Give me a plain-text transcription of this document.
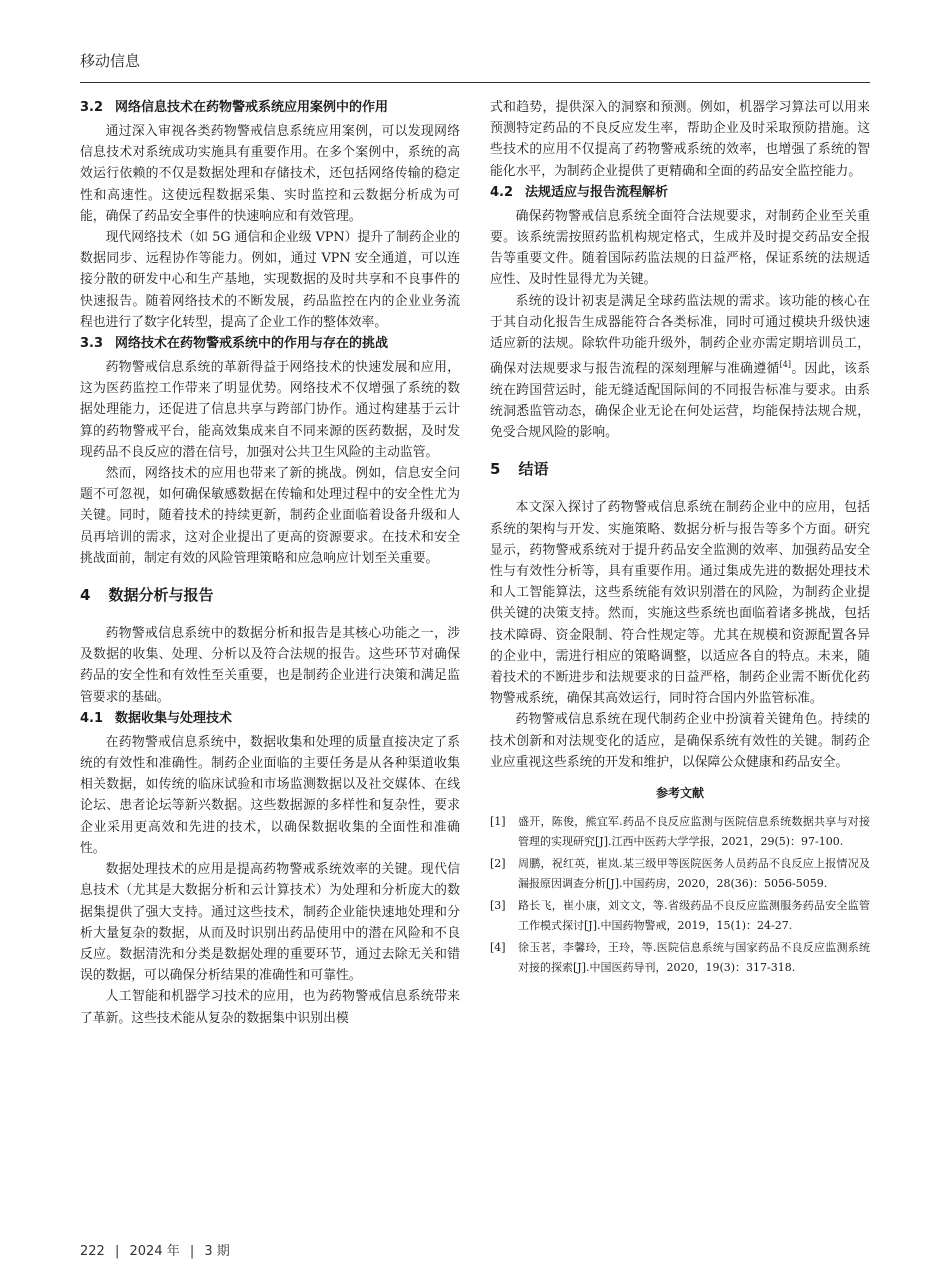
移动信息
3.2 网络信息技术在药物警戒系统应用案例中的作用

通过深入审视各类药物警戒信息系统应用案例，可以发现网络信息技术对系统成功实施具有重要作用。在多个案例中，系统的高效运行依赖的不仅是数据处理和存储技术，还包括网络传输的稳定性和高速性。这使远程数据采集、实时监控和云数据分析成为可能，确保了药品安全事件的快速响应和有效管理。

现代网络技术（如 5G 通信和企业级 VPN）提升了制药企业的数据同步、远程协作等能力。例如，通过 VPN 安全通道，可以连接分散的研发中心和生产基地，实现数据的及时共享和不良事件的快速报告。随着网络技术的不断发展，药品监控在内的企业业务流程也进行了数字化转型，提高了企业工作的整体效率。

3.3 网络技术在药物警戒系统中的作用与存在的挑战

药物警戒信息系统的革新得益于网络技术的快速发展和应用，这为医药监控工作带来了明显优势。网络技术不仅增强了系统的数据处理能力，还促进了信息共享与跨部门协作。通过构建基于云计算的药物警戒平台，能高效集成来自不同来源的医药数据，及时发现药品不良反应的潜在信号，加强对公共卫生风险的主动监管。

然而，网络技术的应用也带来了新的挑战。例如，信息安全问题不可忽视，如何确保敏感数据在传输和处理过程中的安全性尤为关键。同时，随着技术的持续更新，制药企业面临着设备升级和人员再培训的需求，这对企业提出了更高的资源要求。在技术和安全挑战面前，制定有效的风险管理策略和应急响应计划至关重要。

4 数据分析与报告

药物警戒信息系统中的数据分析和报告是其核心功能之一，涉及数据的收集、处理、分析以及符合法规的报告。这些环节对确保药品的安全性和有效性至关重要，也是制药企业进行决策和满足监管要求的基础。

4.1 数据收集与处理技术

在药物警戒信息系统中，数据收集和处理的质量直接决定了系统的有效性和准确性。制药企业面临的主要任务是从各种渠道收集相关数据，如传统的临床试验和市场监测数据以及社交媒体、在线论坛、患者论坛等新兴数据。这些数据源的多样性和复杂性，要求企业采用更高效和先进的技术，以确保数据收集的全面性和准确性。

数据处理技术的应用是提高药物警戒系统效率的关键。现代信息技术（尤其是大数据分析和云计算技术）为处理和分析庞大的数据集提供了强大支持。通过这些技术，制药企业能快速地处理和分析大量复杂的数据，从而及时识别出药品使用中的潜在风险和不良反应。数据清洗和分类是数据处理的重要环节，通过去除无关和错误的数据，可以确保分析结果的准确性和可靠性。

人工智能和机器学习技术的应用，也为药物警戒信息系统带来了革新。这些技术能从复杂的数据集中识别出模

式和趋势，提供深入的洞察和预测。例如，机器学习算法可以用来预测特定药品的不良反应发生率，帮助企业及时采取预防措施。这些技术的应用不仅提高了药物警戒系统的效率，也增强了系统的智能化水平，为制药企业提供了更精确和全面的药品安全监控能力。

4.2 法规适应与报告流程解析

确保药物警戒信息系统全面符合法规要求，对制药企业至关重要。该系统需按照药监机构规定格式，生成并及时提交药品安全报告等重要文件。随着国际药监法规的日益严格，保证系统的法规适应性、及时性显得尤为关键。

系统的设计初衷是满足全球药监法规的需求。该功能的核心在于其自动化报告生成器能符合各类标准，同时可通过模块升级快速适应新的法规。除软件功能升级外，制药企业亦需定期培训员工，确保对法规要求与报告流程的深刻理解与准确遵循[4]。因此，该系统在跨国营运时，能无缝适配国际间的不同报告标准与要求。由系统洞悉监管动态，确保企业无论在何处运营，均能保持法规合规，免受合规风险的影响。

5 结语

本文深入探讨了药物警戒信息系统在制药企业中的应用，包括系统的架构与开发、实施策略、数据分析与报告等多个方面。研究显示，药物警戒系统对于提升药品安全监测的效率、加强药品安全性与有效性分析等，具有重要作用。通过集成先进的数据处理技术和人工智能算法，这些系统能有效识别潜在的风险，为制药企业提供关键的决策支持。然而，实施这些系统也面临着诸多挑战，包括技术障碍、资金限制、符合性规定等。尤其在规模和资源配置各异的企业中，需进行相应的策略调整，以适应各自的特点。未来，随着技术的不断进步和法规要求的日益严格，制药企业需不断优化药物警戒系统，确保其高效运行，同时符合国内外监管标准。

药物警戒信息系统在现代制药企业中扮演着关键角色。持续的技术创新和对法规变化的适应，是确保系统有效性的关键。制药企业应重视这些系统的开发和维护，以保障公众健康和药品安全。

参考文献
[1]	盛开，陈俊，熊宜军.药品不良反应监测与医院信息系统数据共享与对接管理的实现研究[J].江西中医药大学学报，2021，29(5)：97-100.
[2]	周鹏，祝红英，崔岚.某三级甲等医院医务人员药品不良反应上报情况及漏报原因调查分析[J].中国药房，2020，28(36)：5056-5059.
[3]	路长飞，崔小康，刘文文，等.省级药品不良反应监测服务药品安全监管工作模式探讨[J].中国药物警戒，2019，15(1)：24-27.
[4]	徐玉茗，李馨玲，王玲，等.医院信息系统与国家药品不良反应监测系统对接的探索[J].中国医药导刊，2020，19(3)：317-318.
222 | 2024 年 | 3 期
